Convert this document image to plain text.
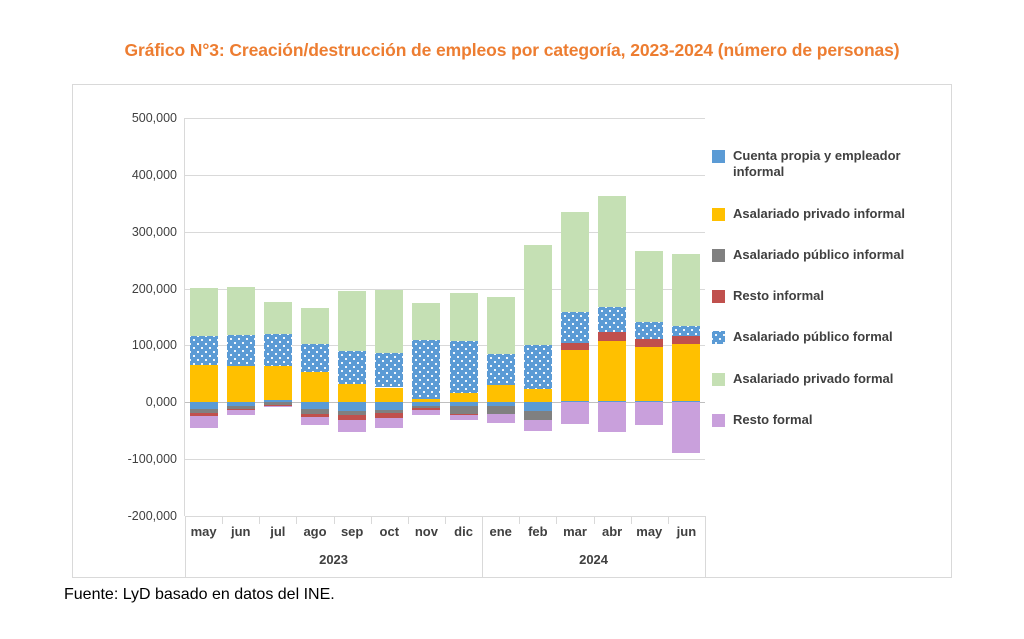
Gráfico N°3: Creación/destrucción de empleos por categoría, 2023-2024 (número de personas)
500,000
400,000
300,000
200,000
100,000
0,000
-100,000
-200,000
may	jun	jul	ago	sep	oct	nov	dic	ene	feb	mar	abr	may	jun
2023	2024
Cuenta propia y empleador informal
Asalariado privado informal
Asalariado público informal
Resto informal
Asalariado público formal
Asalariado privado formal
Resto formal
Fuente: LyD basado en datos del INE.
